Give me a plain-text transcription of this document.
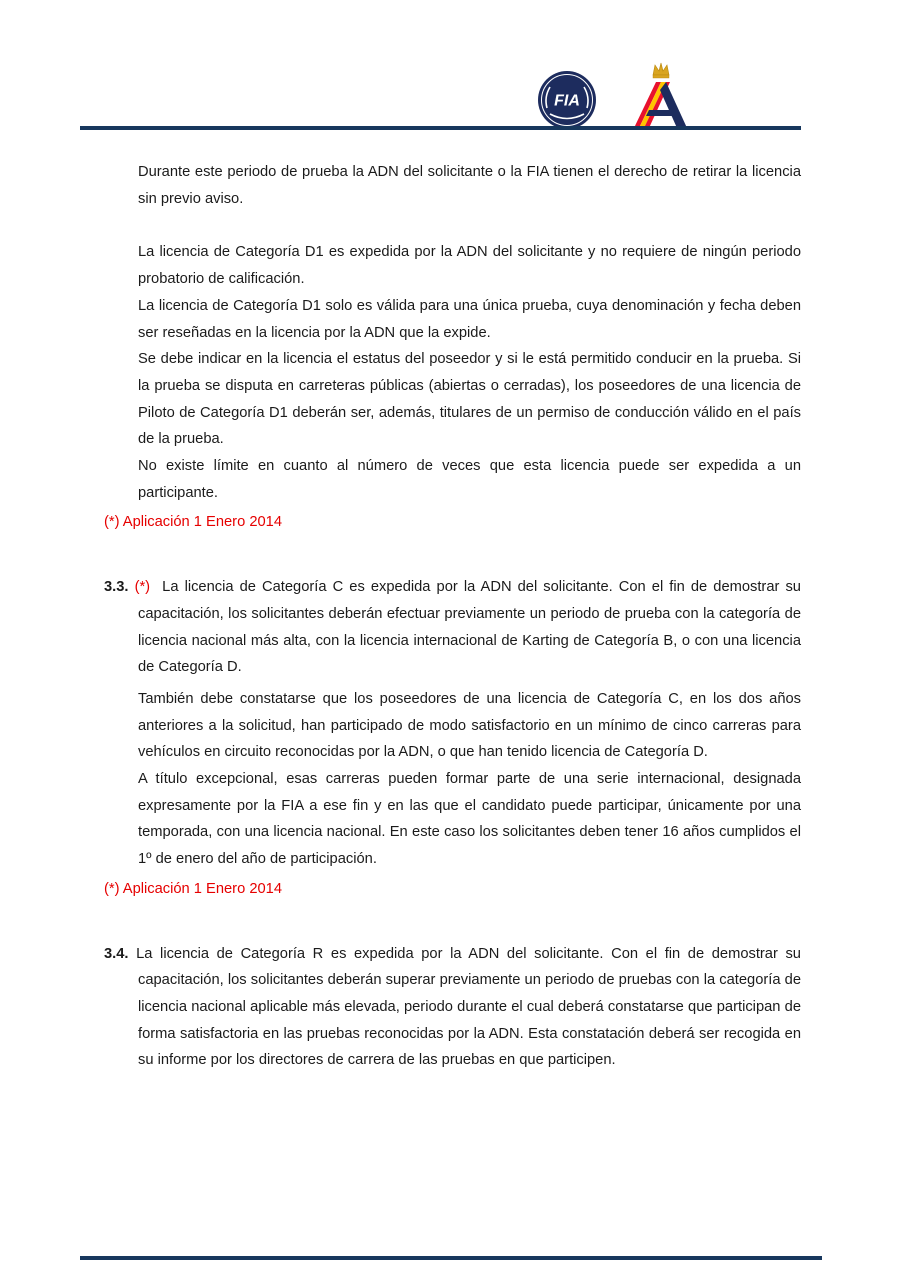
FIA

Durante este periodo de prueba la ADN del solicitante o la FIA tienen el derecho de retirar la licencia sin previo aviso.

La licencia de Categoría D1 es expedida por la ADN del solicitante y no requiere de ningún periodo probatorio de calificación.

La licencia de Categoría D1 solo es válida para una única prueba, cuya denominación y fecha deben ser reseñadas en la licencia por la ADN que la expide.

Se debe indicar en la licencia el estatus del poseedor y si le está permitido conducir en la prueba. Si la prueba se disputa en carreteras públicas (abiertas o cerradas), los poseedores de una licencia de Piloto de Categoría D1 deberán ser, además, titulares de un permiso de conducción válido en el país de la prueba.

No existe límite en cuanto al número de veces que esta licencia puede ser expedida a un participante.

(*) Aplicación 1 Enero 2014

3.3. (*) La licencia de Categoría C es expedida por la ADN del solicitante. Con el fin de demostrar su capacitación, los solicitantes deberán efectuar previamente un periodo de prueba con la categoría de licencia nacional más alta, con la licencia internacional de Karting de Categoría B, o con una licencia de Categoría D.

También debe constatarse que los poseedores de una licencia de Categoría C, en los dos años anteriores a la solicitud, han participado de modo satisfactorio en un mínimo de cinco carreras para vehículos en circuito reconocidas por la ADN, o que han tenido licencia de Categoría D.

A título excepcional, esas carreras pueden formar parte de una serie internacional, designada expresamente por la FIA a ese fin y en las que el candidato puede participar, únicamente por una temporada, con una licencia nacional. En este caso los solicitantes deben tener 16 años cumplidos el 1º de enero del año de participación.

(*) Aplicación 1 Enero 2014

3.4. La licencia de Categoría R es expedida por la ADN del solicitante. Con el fin de demostrar su capacitación, los solicitantes deberán superar previamente un periodo de pruebas con la categoría de licencia nacional aplicable más elevada, periodo durante el cual deberá constatarse que participan de forma satisfactoria en las pruebas reconocidas por la ADN. Esta constatación deberá ser recogida en su informe por los directores de carrera de las pruebas en que participen.
